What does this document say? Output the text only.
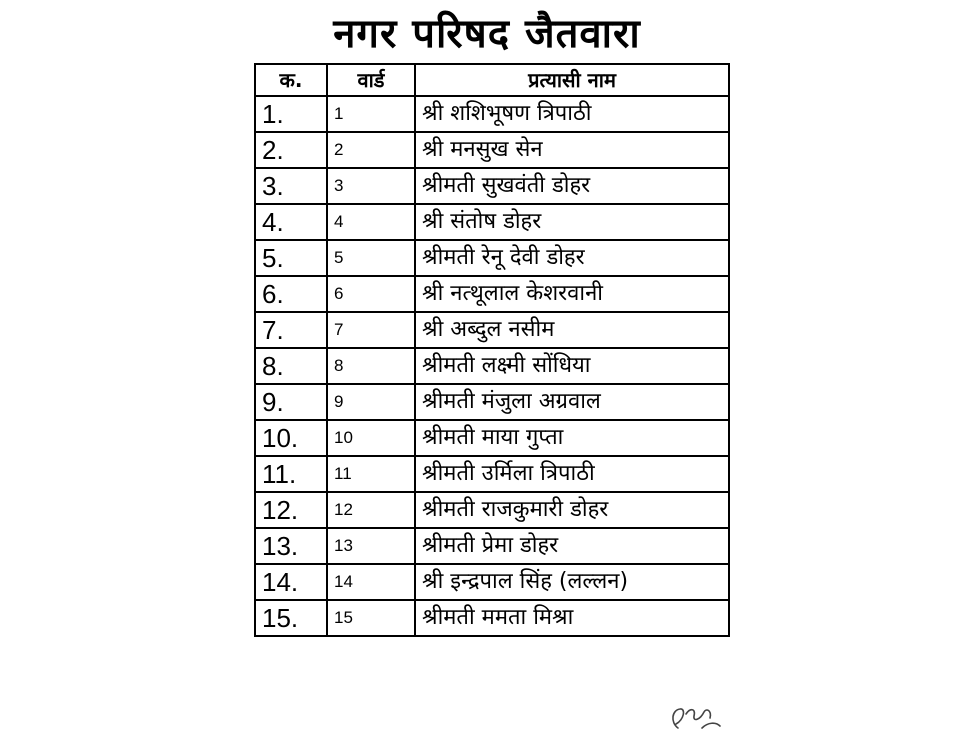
नगर परिषद जैतवारा
क.	वार्ड	प्रत्यासी नाम
1.	1	श्री शशिभूषण त्रिपाठी
2.	2	श्री मनसुख सेन
3.	3	श्रीमती सुखवंती डोहर
4.	4	श्री संतोष डोहर
5.	5	श्रीमती रेनू देवी डोहर
6.	6	श्री नत्थूलाल केशरवानी
7.	7	श्री अब्दुल नसीम
8.	8	श्रीमती लक्ष्मी सोंधिया
9.	9	श्रीमती मंजुला अग्रवाल
10.	10	श्रीमती माया गुप्ता
11.	11	श्रीमती उर्मिला त्रिपाठी
12.	12	श्रीमती राजकुमारी डोहर
13.	13	श्रीमती प्रेमा डोहर
14.	14	श्री इन्द्रपाल सिंह (लल्लन)
15.	15	श्रीमती ममता मिश्रा
